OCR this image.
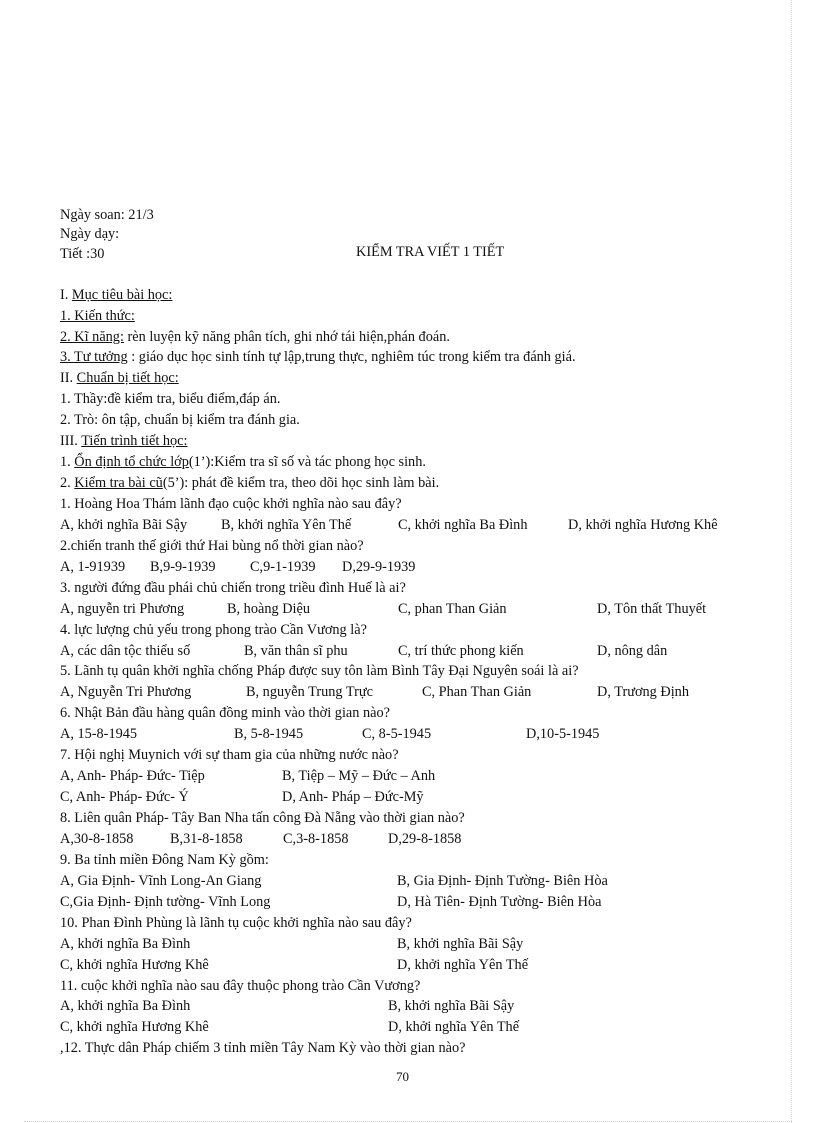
Ngày soan: 21/3
Ngày dạy:
Tiết :30	KIỂM TRA VIẾT 1 TIẾT
I. Mục tiêu bài học:
1. Kiến thức:
2. Kĩ năng: rèn luyện kỹ năng phân tích, ghi nhớ tái hiện,phán đoán.
3. Tư tưởng : giáo dục học sinh tính tự lập,trung thực, nghiêm túc trong kiểm tra đánh giá.
II. Chuẩn bị tiết học:
1. Thầy:đề kiểm tra, biểu điểm,đáp án.
2. Trò: ôn tập, chuẩn bị kiểm tra đánh gia.
III. Tiến trình tiết học:
1. Ổn định tổ chức lớp(1’):Kiểm tra sĩ số và tác phong học sinh.
2. Kiểm tra bài cũ(5’): phát đề kiểm tra, theo dõi học sinh làm bài.
1. Hoàng Hoa Thám lãnh đạo cuộc khởi nghĩa nào sau đây?
A, khởi nghĩa Bãi Sậy B, khởi nghĩa Yên Thế	C, khởi nghĩa Ba Đình	D, khởi nghĩa Hương Khê
2.chiến tranh thế giới thứ Hai bùng nổ thời gian nào?
A, 1-91939 B,9-9-1939 C,9-1-1939 D,29-9-1939
3. người đứng đầu phái chủ chiến trong triều đình Huế là ai?
A, nguyễn tri Phương	B, hoàng Diệu	C, phan Than Giản	D, Tôn thất Thuyết
4. lực lượng chủ yếu trong phong trào Cần Vương là?
A, các dân tộc thiểu số	B, văn thân sĩ phu	C, trí thức phong kiến	D, nông dân
5. Lãnh tụ quân khởi nghĩa chống Pháp được suy tôn làm Bình Tây Đại Nguyên soái là ai?
A, Nguyễn Tri Phương	B, nguyễn Trung Trực	C, Phan Than Giản	D, Trương Định
6. Nhật Bản đầu hàng quân đồng minh vào thời gian nào?
A, 15-8-1945	B, 5-8-1945	C, 8-5-1945	D,10-5-1945
7. Hội nghị Muynich với sự tham gia của những nước nào?
A, Anh- Pháp- Đức- Tiệp	B, Tiệp – Mỹ – Đức – Anh
C, Anh- Pháp- Đức- Ý	D, Anh- Pháp – Đức-Mỹ
8. Liên quân Pháp- Tây Ban Nha tấn công Đà Nẵng vào thời gian nào?
A,30-8-1858	B,31-8-1858	C,3-8-1858	D,29-8-1858
9. Ba tỉnh miền Đông Nam Kỳ gồm:
A, Gia Định- Vĩnh Long-An Giang	B, Gia Định- Định Tường- Biên Hòa
C,Gia Định- Định tường- Vĩnh Long	D, Hà Tiên- Định Tường- Biên Hòa
10. Phan Đình Phùng là lãnh tụ cuộc khởi nghĩa nào sau đây?
A, khởi nghĩa Ba Đình	B, khởi nghĩa Bãi Sậy
C, khởi nghĩa Hương Khê	D, khởi nghĩa Yên Thế
11. cuộc khởi nghĩa nào sau đây thuộc phong trào Cần Vương?
A, khởi nghĩa Ba Đình	B, khởi nghĩa Bãi Sậy
C, khởi nghĩa Hương Khê	D, khởi nghĩa Yên Thế
,12. Thực dân Pháp chiếm 3 tỉnh miền Tây Nam Kỳ vào thời gian nào?
70
